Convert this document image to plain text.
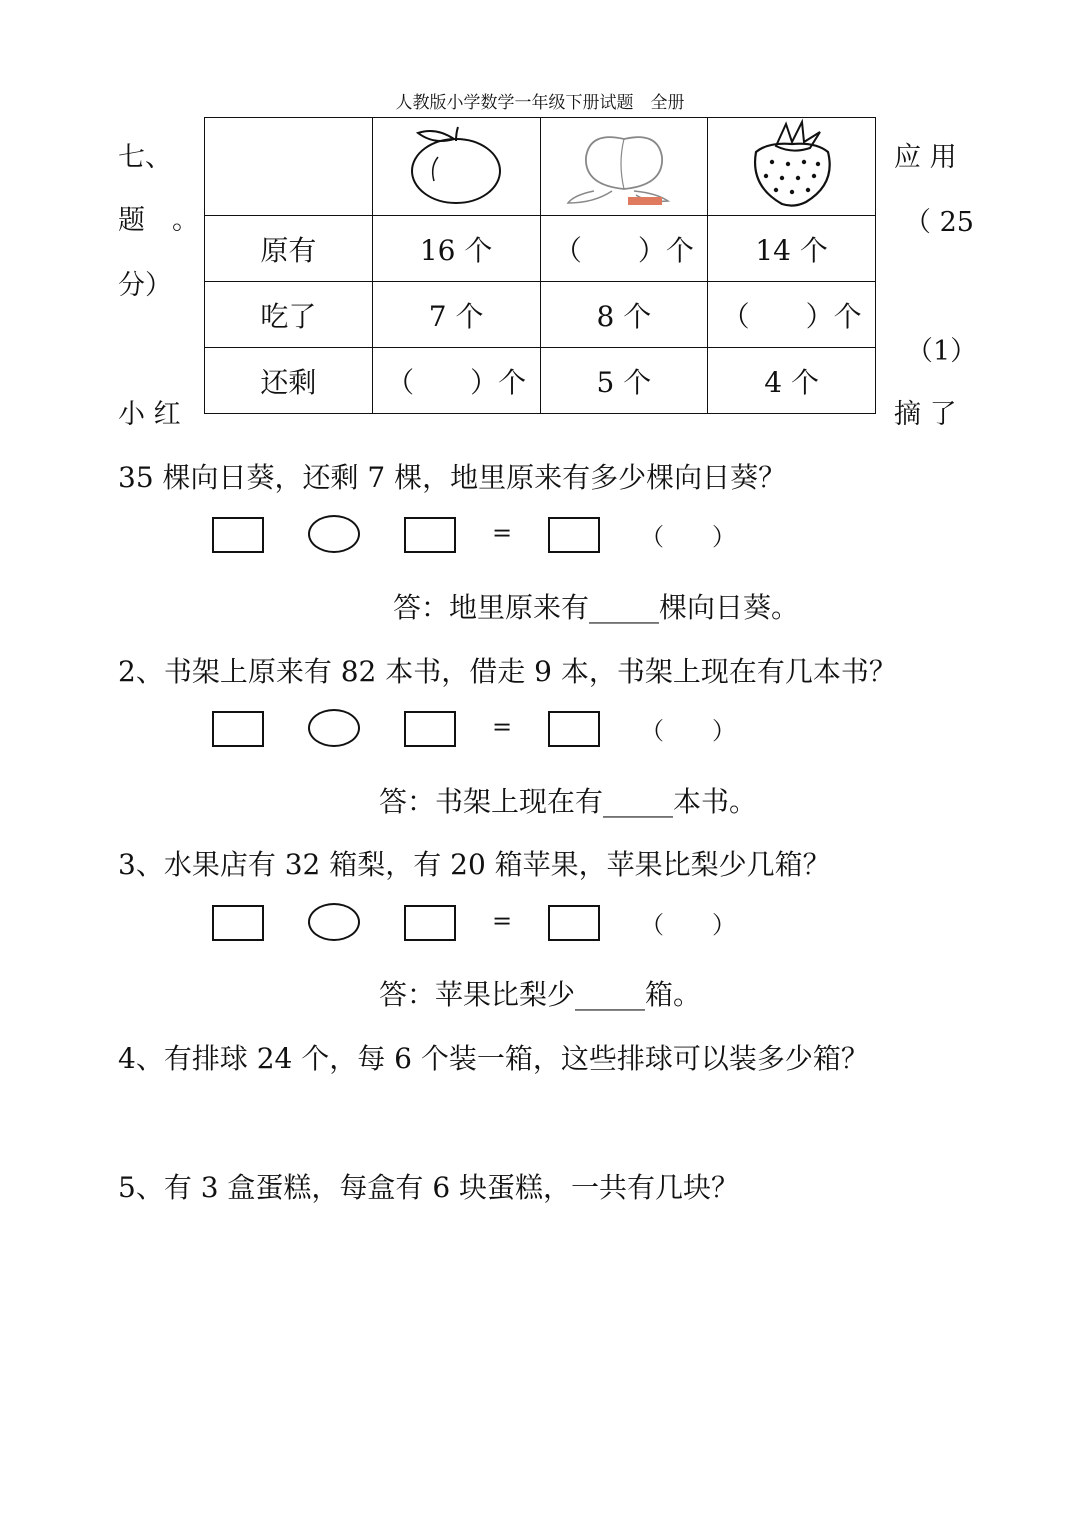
人教版小学数学一年级下册试题　全册
七、
题　。
分）
小 红
应 用
（ 25
（1）
摘 了

原有	16 个	（　　）个	14 个
吃了	7 个	8 个	（　　）个
还剩	（　　）个	5 个	4 个
35 棵向日葵，还剩 7 棵，地里原来有多少棵向日葵？
=	（　　）
答：地里原来有_____棵向日葵。
2、书架上原来有 82 本书，借走 9 本，书架上现在有几本书？
=	（　　）
答：书架上现在有_____本书。
3、水果店有 32 箱梨，有 20 箱苹果，苹果比梨少几箱？
=	（　　）
答：苹果比梨少_____箱。
4、有排球 24 个，每 6 个装一箱，这些排球可以装多少箱？
5、有 3 盒蛋糕，每盒有 6 块蛋糕，一共有几块？
